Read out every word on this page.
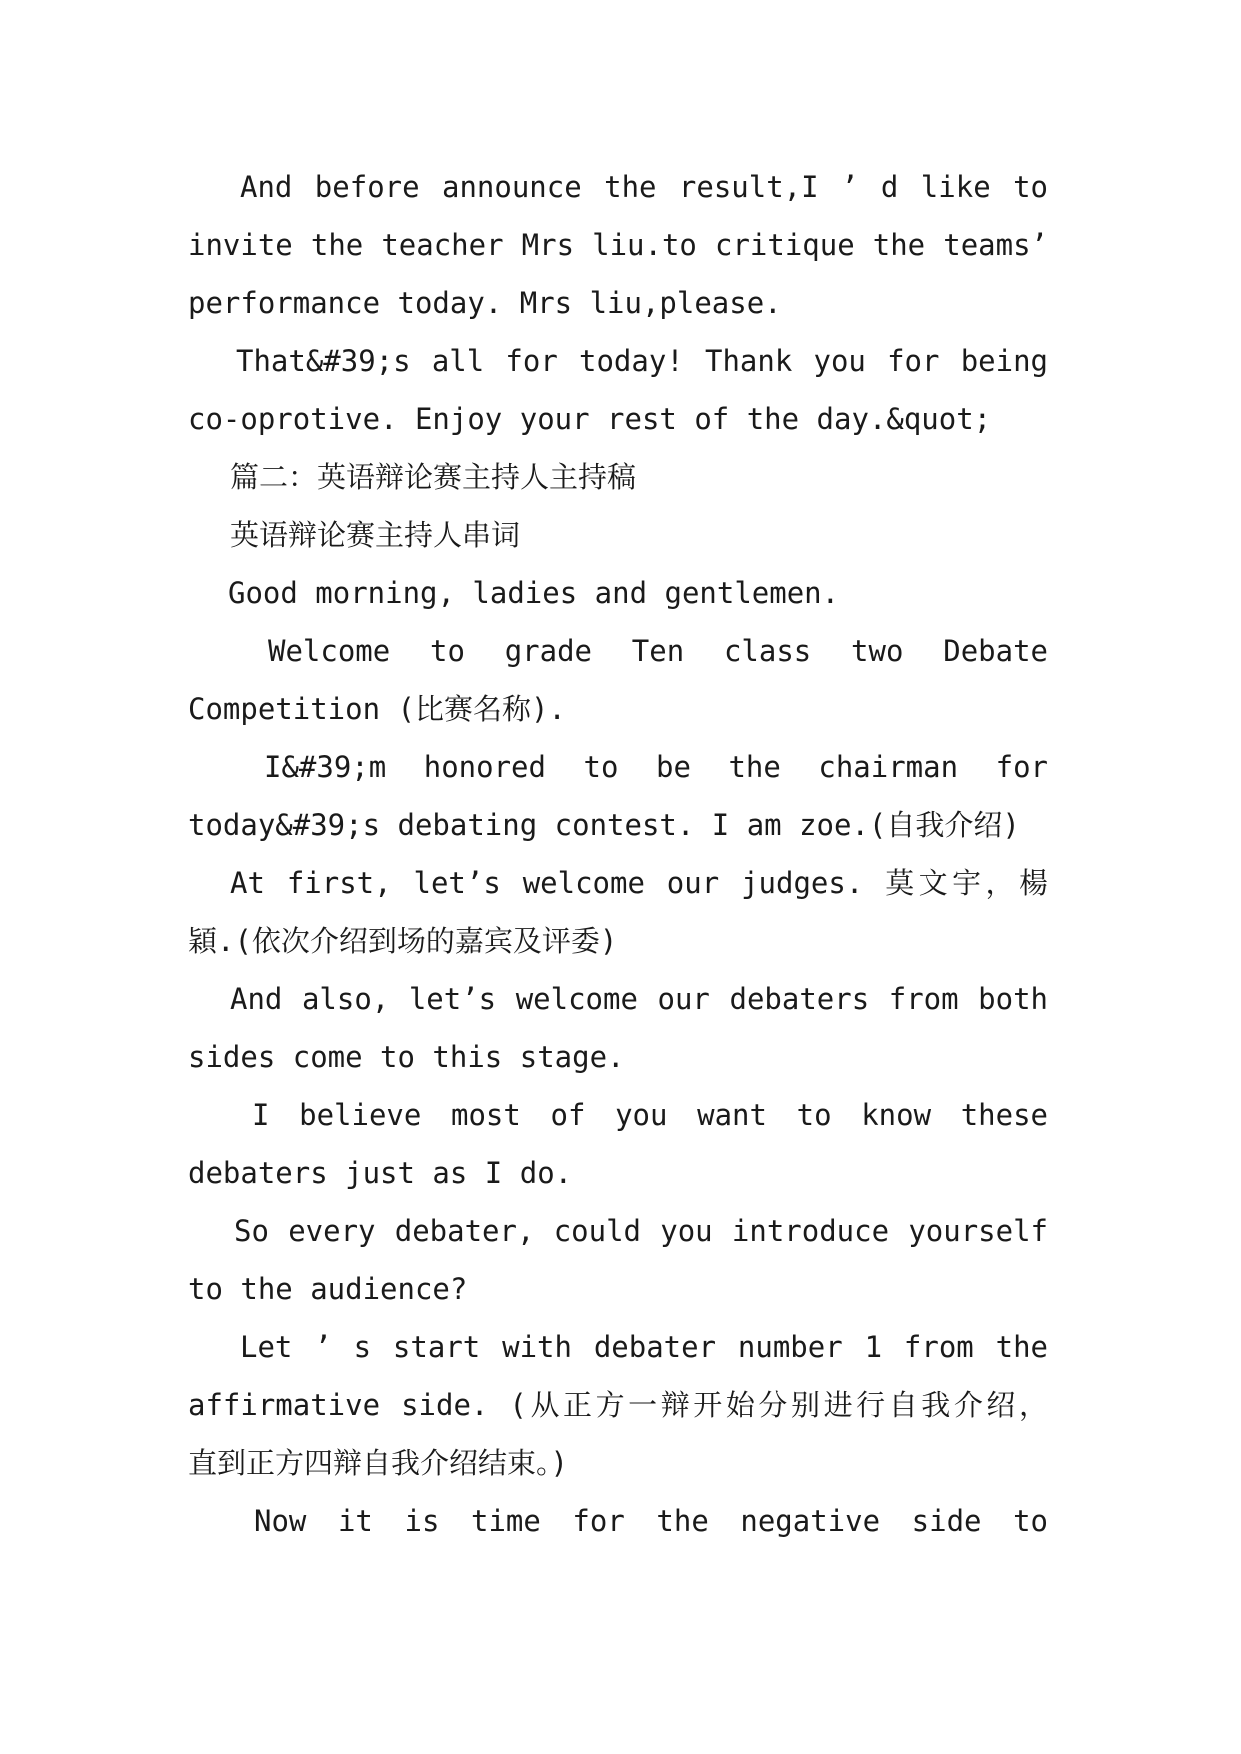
And before announce the result,I ’ d like to
invite the teacher Mrs liu.to critique the teams’
performance today. Mrs liu,please.
That&#39;s all for today! Thank you for being
co-oprotive. Enjoy your rest of the day.&quot;
篇二：英语辩论赛主持人主持稿
英语辩论赛主持人串词
Good morning, ladies and gentlemen.
Welcome to grade Ten class two Debate
Competition (比赛名称).
I&#39;m honored to be the chairman for
today&#39;s debating contest. I am zoe.(自我介绍)
At first, let’s welcome our judges. 莫文宇，楊
穎.(依次介绍到场的嘉宾及评委)
And also, let’s welcome our debaters from both
sides come to this stage.
I believe most of you want to know these
debaters just as I do.
So every debater, could you introduce yourself
to the audience?
Let ’ s start with debater number 1 from the
affirmative side. (从正方一辩开始分别进行自我介绍，
直到正方四辩自我介绍结束。)
Now it is time for the negative side to
